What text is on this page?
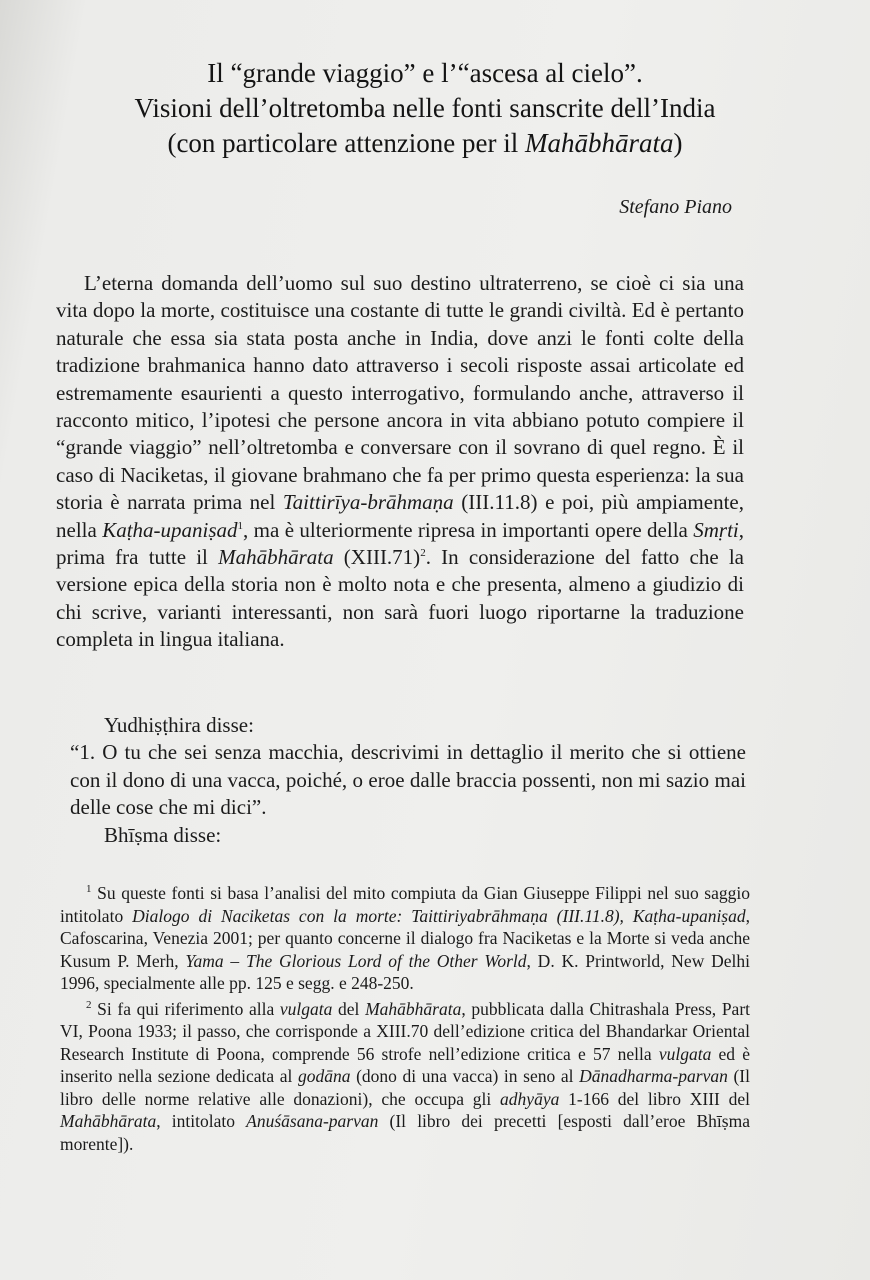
Il “grande viaggio” e l’“ascesa al cielo”.
Visioni dell’oltretomba nelle fonti sanscrite dell’India
(con particolare attenzione per il Mahābhārata)
Stefano Piano
L’eterna domanda dell’uomo sul suo destino ultraterreno, se cioè ci sia una vita dopo la morte, costituisce una costante di tutte le grandi civiltà. Ed è pertanto naturale che essa sia stata posta anche in India, dove anzi le fonti colte della tradizione brahmanica hanno dato attraverso i secoli risposte assai articolate ed estremamente esaurienti a questo interrogativo, formulando anche, attraverso il racconto mitico, l’ipotesi che persone ancora in vita abbiano potuto compiere il “grande viaggio” nell’oltretomba e conversare con il sovrano di quel regno. È il caso di Naciketas, il giovane brahmano che fa per primo questa esperienza: la sua storia è narrata prima nel Taittirīya-brāhmaṇa (III.11.8) e poi, più ampiamente, nella Kaṭha-upaniṣad$^1$, ma è ulteriormente ripresa in importanti opere della Smṛti, prima fra tutte il Mahābhārata (XIII.71)$^2$. In considerazione del fatto che la versione epica della storia non è molto nota e che presenta, almeno a giudizio di chi scrive, varianti interessanti, non sarà fuori luogo riportarne la traduzione completa in lingua italiana.
Yudhiṣṭhira disse:
“1. O tu che sei senza macchia, descrivimi in dettaglio il merito che si ottiene con il dono di una vacca, poiché, o eroe dalle braccia possenti, non mi sazio mai delle cose che mi dici”.
Bhīṣma disse:
$^1$ Su queste fonti si basa l’analisi del mito compiuta da Gian Giuseppe Filippi nel suo saggio intitolato Dialogo di Naciketas con la morte: Taittiriyabrāhmaṇa (III.11.8), Kaṭha-upaniṣad, Cafoscarina, Venezia 2001; per quanto concerne il dialogo fra Naciketas e la Morte si veda anche Kusum P. Merh, Yama – The Glorious Lord of the Other World, D. K. Printworld, New Delhi 1996, specialmente alle pp. 125 e segg. e 248-250.
$^2$ Si fa qui riferimento alla vulgata del Mahābhārata, pubblicata dalla Chitrashala Press, Part VI, Poona 1933; il passo, che corrisponde a XIII.70 dell’edizione critica del Bhandarkar Oriental Research Institute di Poona, comprende 56 strofe nell’edizione critica e 57 nella vulgata ed è inserito nella sezione dedicata al godāna (dono di una vacca) in seno al Dānadharma-parvan (Il libro delle norme relative alle donazioni), che occupa gli adhyāya 1-166 del libro XIII del Mahābhārata, intitolato Anuśāsana-parvan (Il libro dei precetti [esposti dall’eroe Bhīṣma morente]).
